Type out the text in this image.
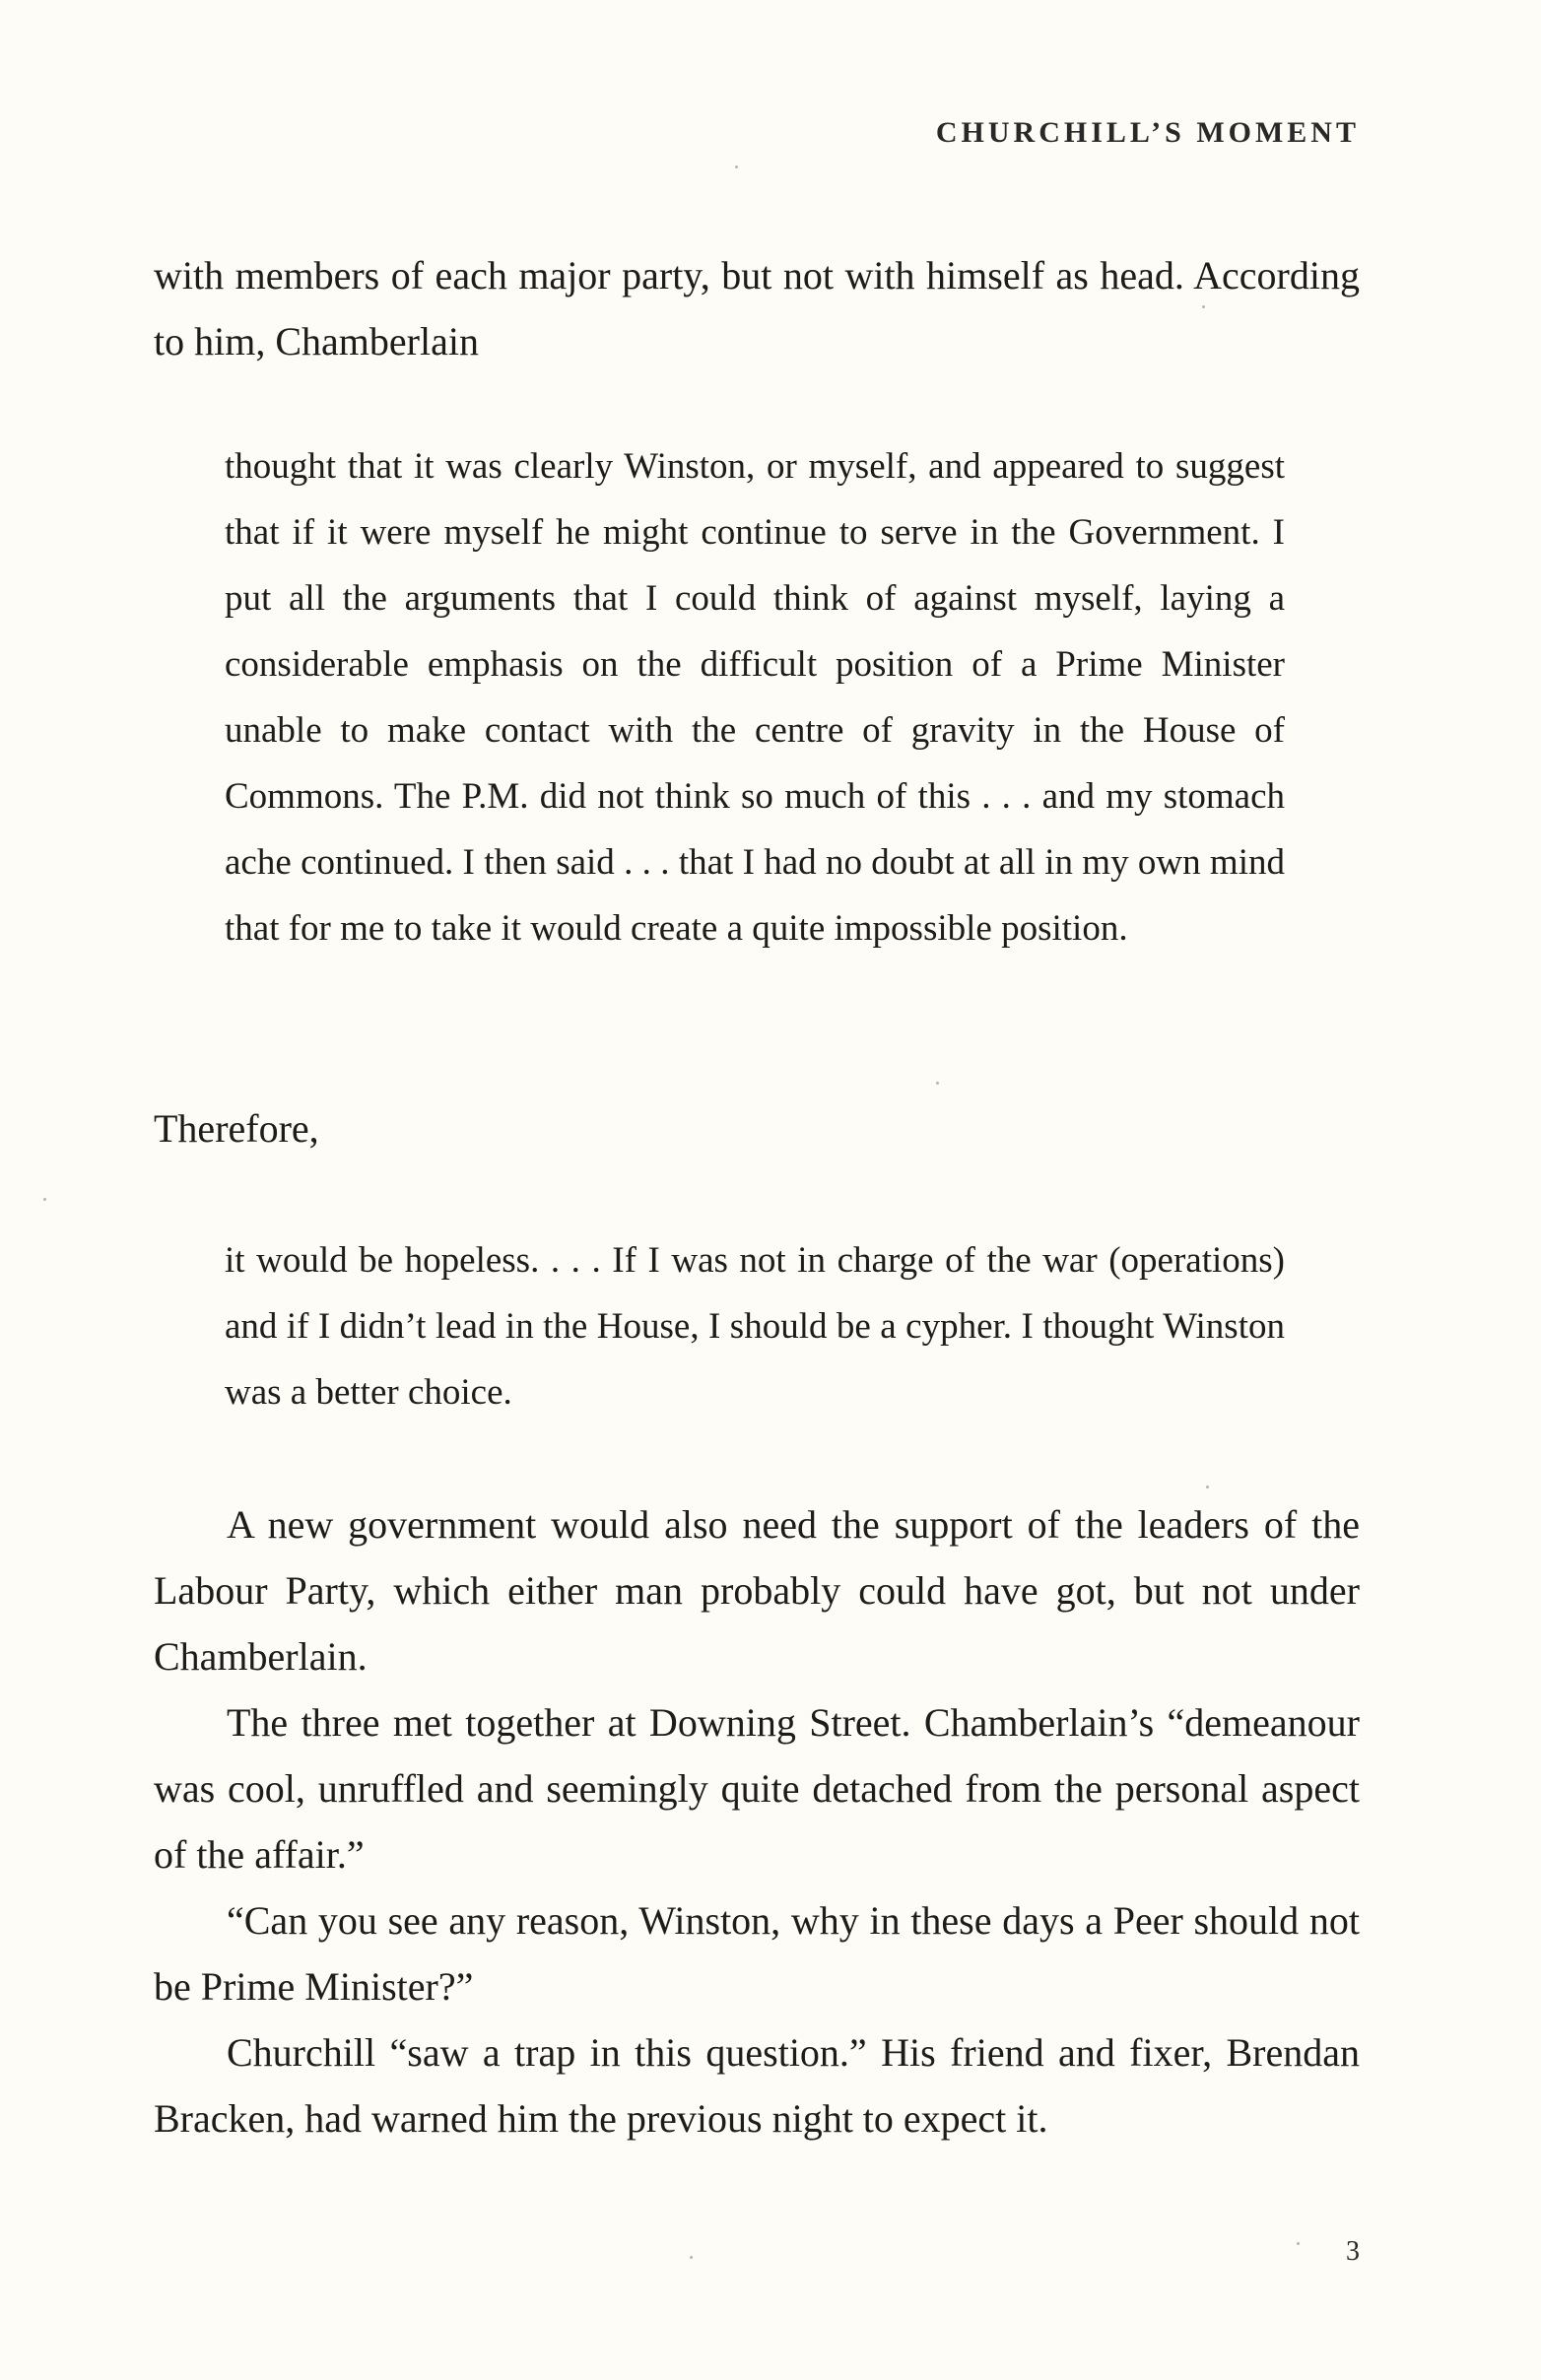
CHURCHILL’S MOMENT

with members of each major party, but not with himself as head. According to him, Chamberlain

thought that it was clearly Winston, or myself, and appeared to suggest that if it were myself he might continue to serve in the Government. I put all the arguments that I could think of against myself, laying a considerable emphasis on the difficult position of a Prime Minister unable to make contact with the centre of gravity in the House of Commons. The P.M. did not think so much of this . . . and my stomach ache continued. I then said . . . that I had no doubt at all in my own mind that for me to take it would create a quite impossible position.

Therefore,

it would be hopeless. . . . If I was not in charge of the war (operations) and if I didn’t lead in the House, I should be a cypher. I thought Winston was a better choice.

A new government would also need the support of the leaders of the Labour Party, which either man probably could have got, but not under Chamberlain.

The three met together at Downing Street. Chamberlain’s “demeanour was cool, unruffled and seemingly quite detached from the personal aspect of the affair.”

“Can you see any reason, Winston, why in these days a Peer should not be Prime Minister?”

Churchill “saw a trap in this question.” His friend and fixer, Brendan Bracken, had warned him the previous night to expect it.

3
